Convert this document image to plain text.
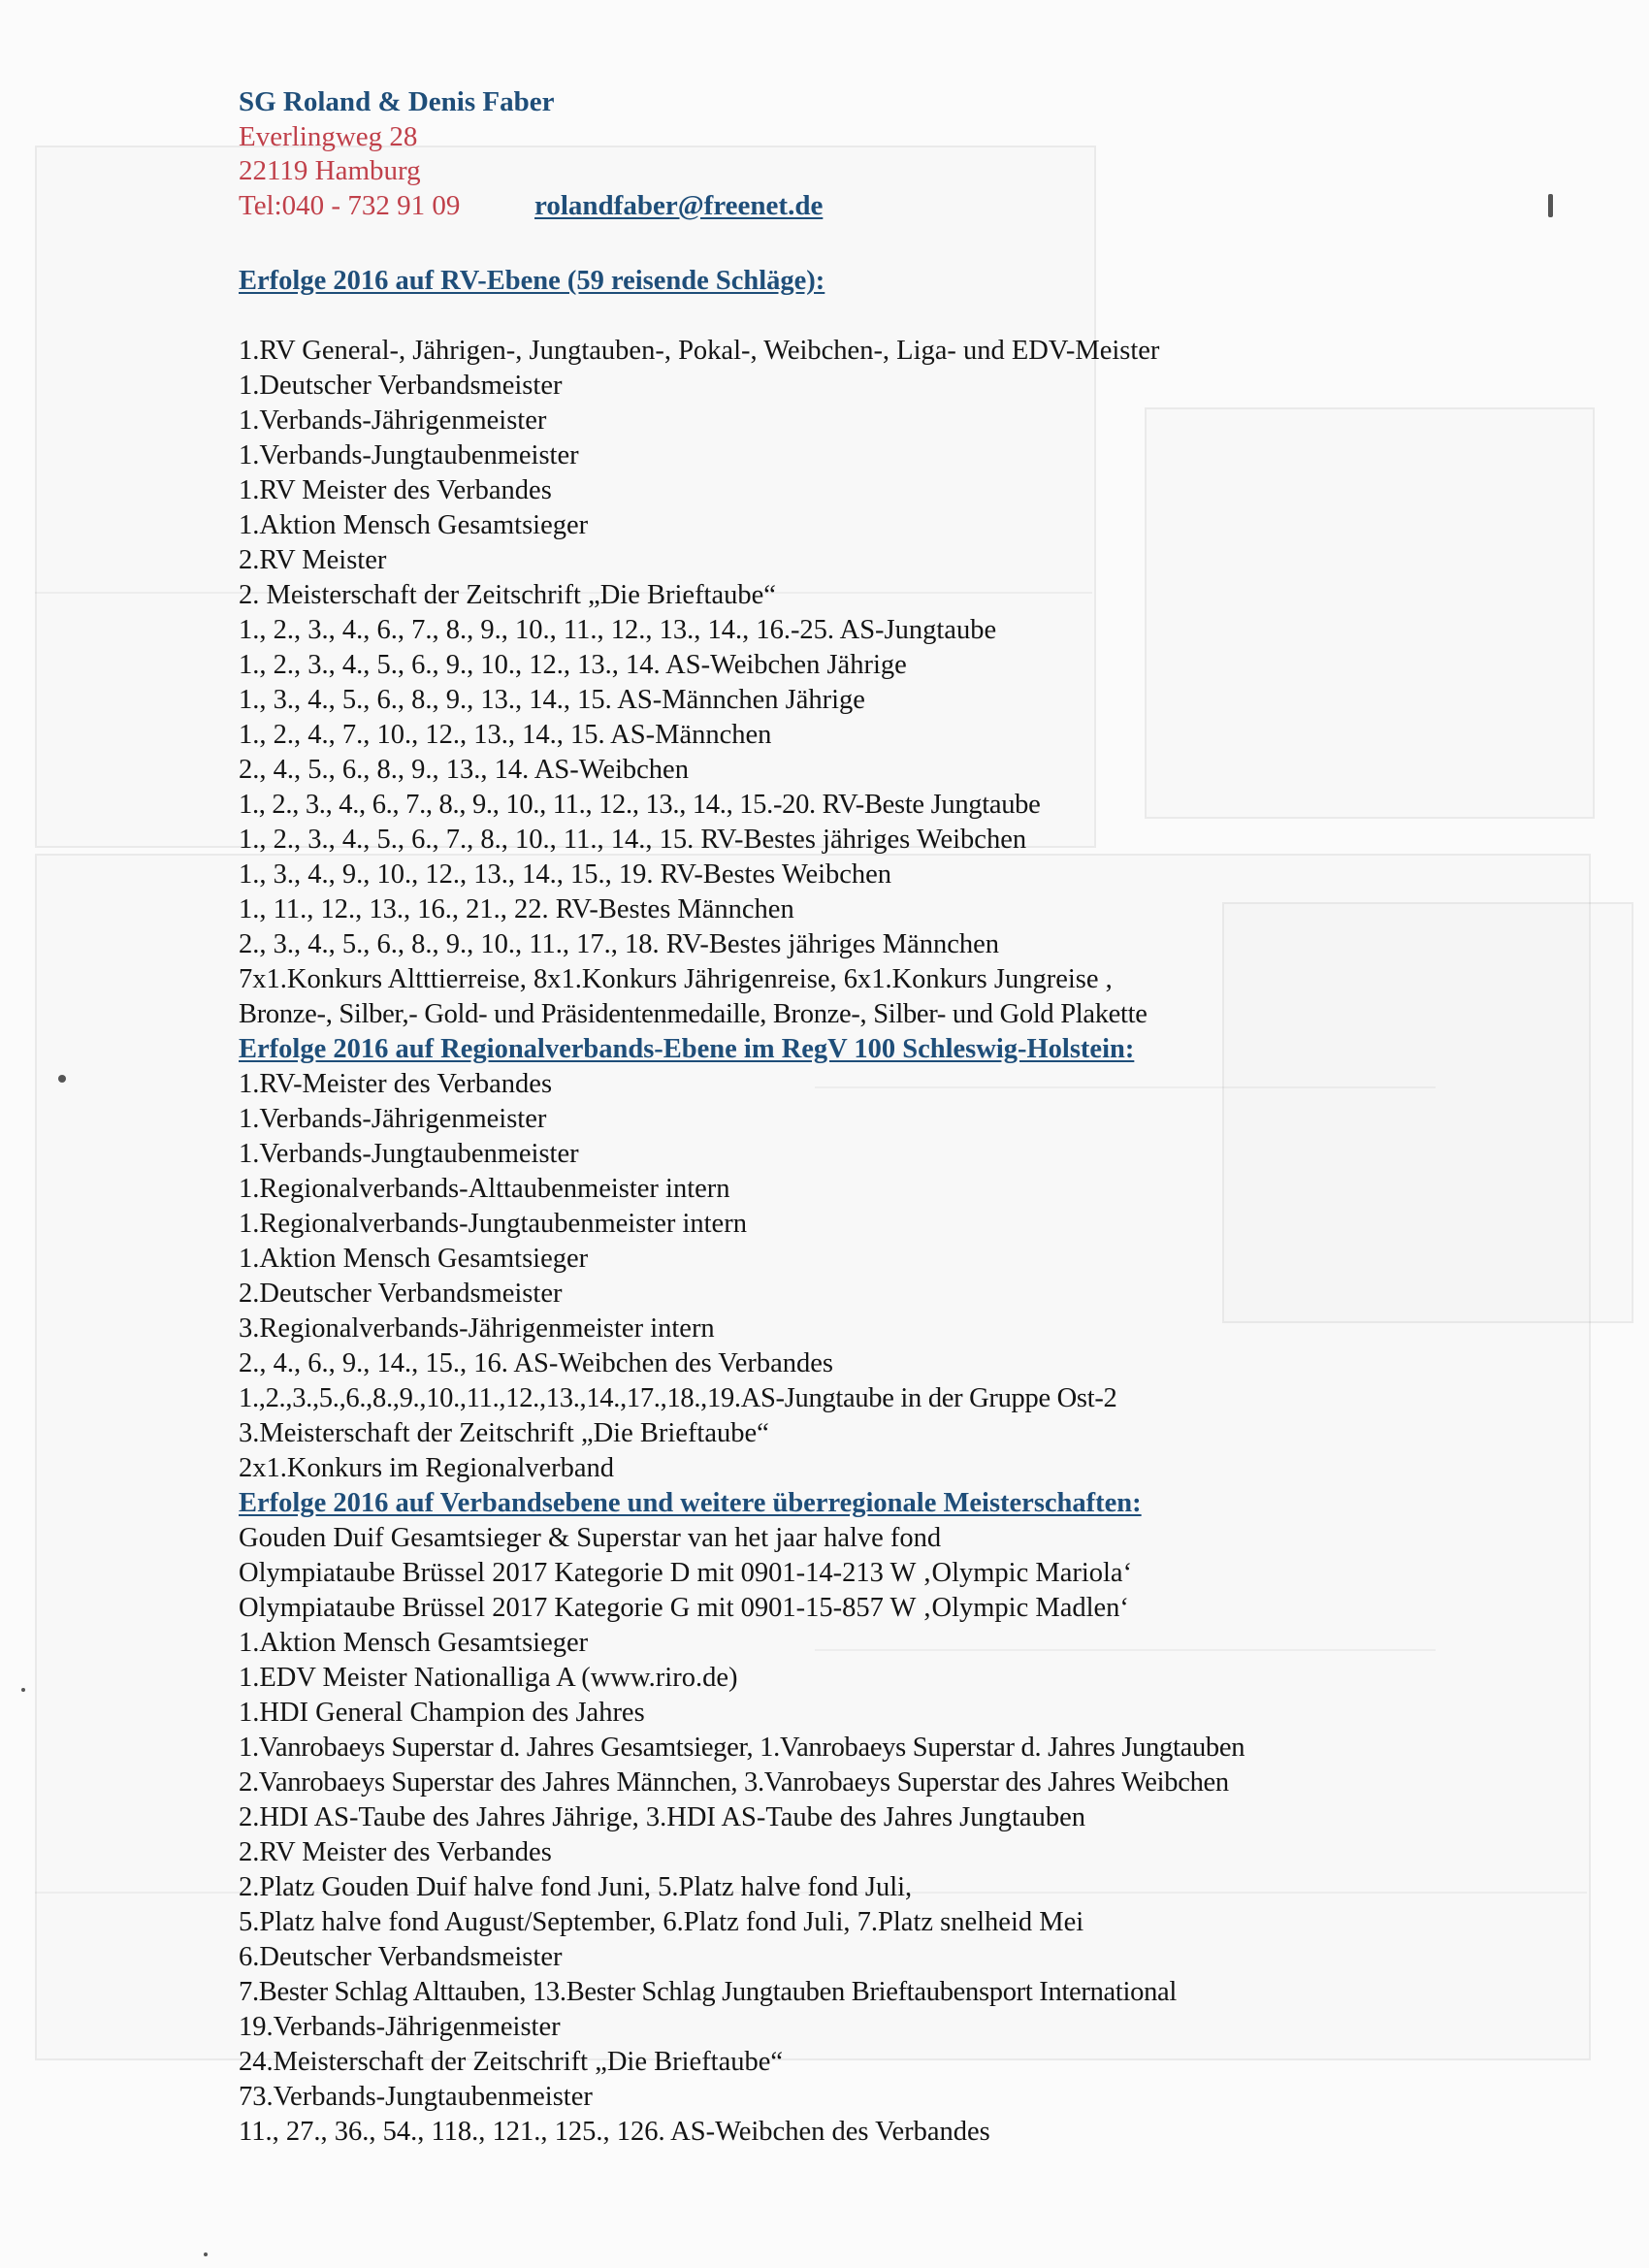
SG Roland & Denis Faber
Everlingweg 28
22119 Hamburg
Tel:040 - 732 91 09	rolandfaber@freenet.de
Erfolge 2016 auf RV-Ebene (59 reisende Schläge):
1.RV General-, Jährigen-, Jungtauben-, Pokal-, Weibchen-, Liga- und EDV-Meister
1.Deutscher Verbandsmeister
1.Verbands-Jährigenmeister
1.Verbands-Jungtaubenmeister
1.RV Meister des Verbandes
1.Aktion Mensch Gesamtsieger
2.RV Meister
2. Meisterschaft der Zeitschrift „Die Brieftaube“
1., 2., 3., 4., 6., 7., 8., 9., 10., 11., 12., 13., 14., 16.-25. AS-Jungtaube
1., 2., 3., 4., 5., 6., 9., 10., 12., 13., 14. AS-Weibchen Jährige
1., 3., 4., 5., 6., 8., 9., 13., 14., 15. AS-Männchen Jährige
1., 2., 4., 7., 10., 12., 13., 14., 15. AS-Männchen
2., 4., 5., 6., 8., 9., 13., 14. AS-Weibchen
1., 2., 3., 4., 6., 7., 8., 9., 10., 11., 12., 13., 14., 15.-20. RV-Beste Jungtaube
1., 2., 3., 4., 5., 6., 7., 8., 10., 11., 14., 15. RV-Bestes jähriges Weibchen
1., 3., 4., 9., 10., 12., 13., 14., 15., 19. RV-Bestes Weibchen
1., 11., 12., 13., 16., 21., 22. RV-Bestes Männchen
2., 3., 4., 5., 6., 8., 9., 10., 11., 17., 18. RV-Bestes jähriges Männchen
7x1.Konkurs Altttierreise, 8x1.Konkurs Jährigenreise, 6x1.Konkurs Jungreise ,
Bronze-, Silber,- Gold- und Präsidentenmedaille, Bronze-, Silber- und Gold Plakette
Erfolge 2016 auf Regionalverbands-Ebene im RegV 100 Schleswig-Holstein:
1.RV-Meister des Verbandes
1.Verbands-Jährigenmeister
1.Verbands-Jungtaubenmeister
1.Regionalverbands-Alttaubenmeister intern
1.Regionalverbands-Jungtaubenmeister intern
1.Aktion Mensch Gesamtsieger
2.Deutscher Verbandsmeister
3.Regionalverbands-Jährigenmeister intern
2., 4., 6., 9., 14., 15., 16. AS-Weibchen des Verbandes
1.,2.,3.,5.,6.,8.,9.,10.,11.,12.,13.,14.,17.,18.,19.AS-Jungtaube in der Gruppe Ost-2
3.Meisterschaft der Zeitschrift „Die Brieftaube“
2x1.Konkurs im Regionalverband
Erfolge 2016 auf Verbandsebene und weitere überregionale Meisterschaften:
Gouden Duif Gesamtsieger & Superstar van het jaar halve fond
Olympiataube Brüssel 2017 Kategorie D mit 0901-14-213 W ‚Olympic Mariola‘
Olympiataube Brüssel 2017 Kategorie G mit 0901-15-857 W ‚Olympic Madlen‘
1.Aktion Mensch Gesamtsieger
1.EDV Meister Nationalliga A (www.riro.de)
1.HDI General Champion des Jahres
1.Vanrobaeys Superstar d. Jahres Gesamtsieger, 1.Vanrobaeys Superstar d. Jahres Jungtauben
2.Vanrobaeys Superstar des Jahres Männchen, 3.Vanrobaeys Superstar des Jahres Weibchen
2.HDI AS-Taube des Jahres Jährige, 3.HDI AS-Taube des Jahres Jungtauben
2.RV Meister des Verbandes
2.Platz Gouden Duif halve fond Juni, 5.Platz halve fond Juli,
5.Platz halve fond August/September, 6.Platz fond Juli, 7.Platz snelheid Mei
6.Deutscher Verbandsmeister
7.Bester Schlag Alttauben, 13.Bester Schlag Jungtauben Brieftaubensport International
19.Verbands-Jährigenmeister
24.Meisterschaft der Zeitschrift „Die Brieftaube“
73.Verbands-Jungtaubenmeister
11., 27., 36., 54., 118., 121., 125., 126. AS-Weibchen des Verbandes
